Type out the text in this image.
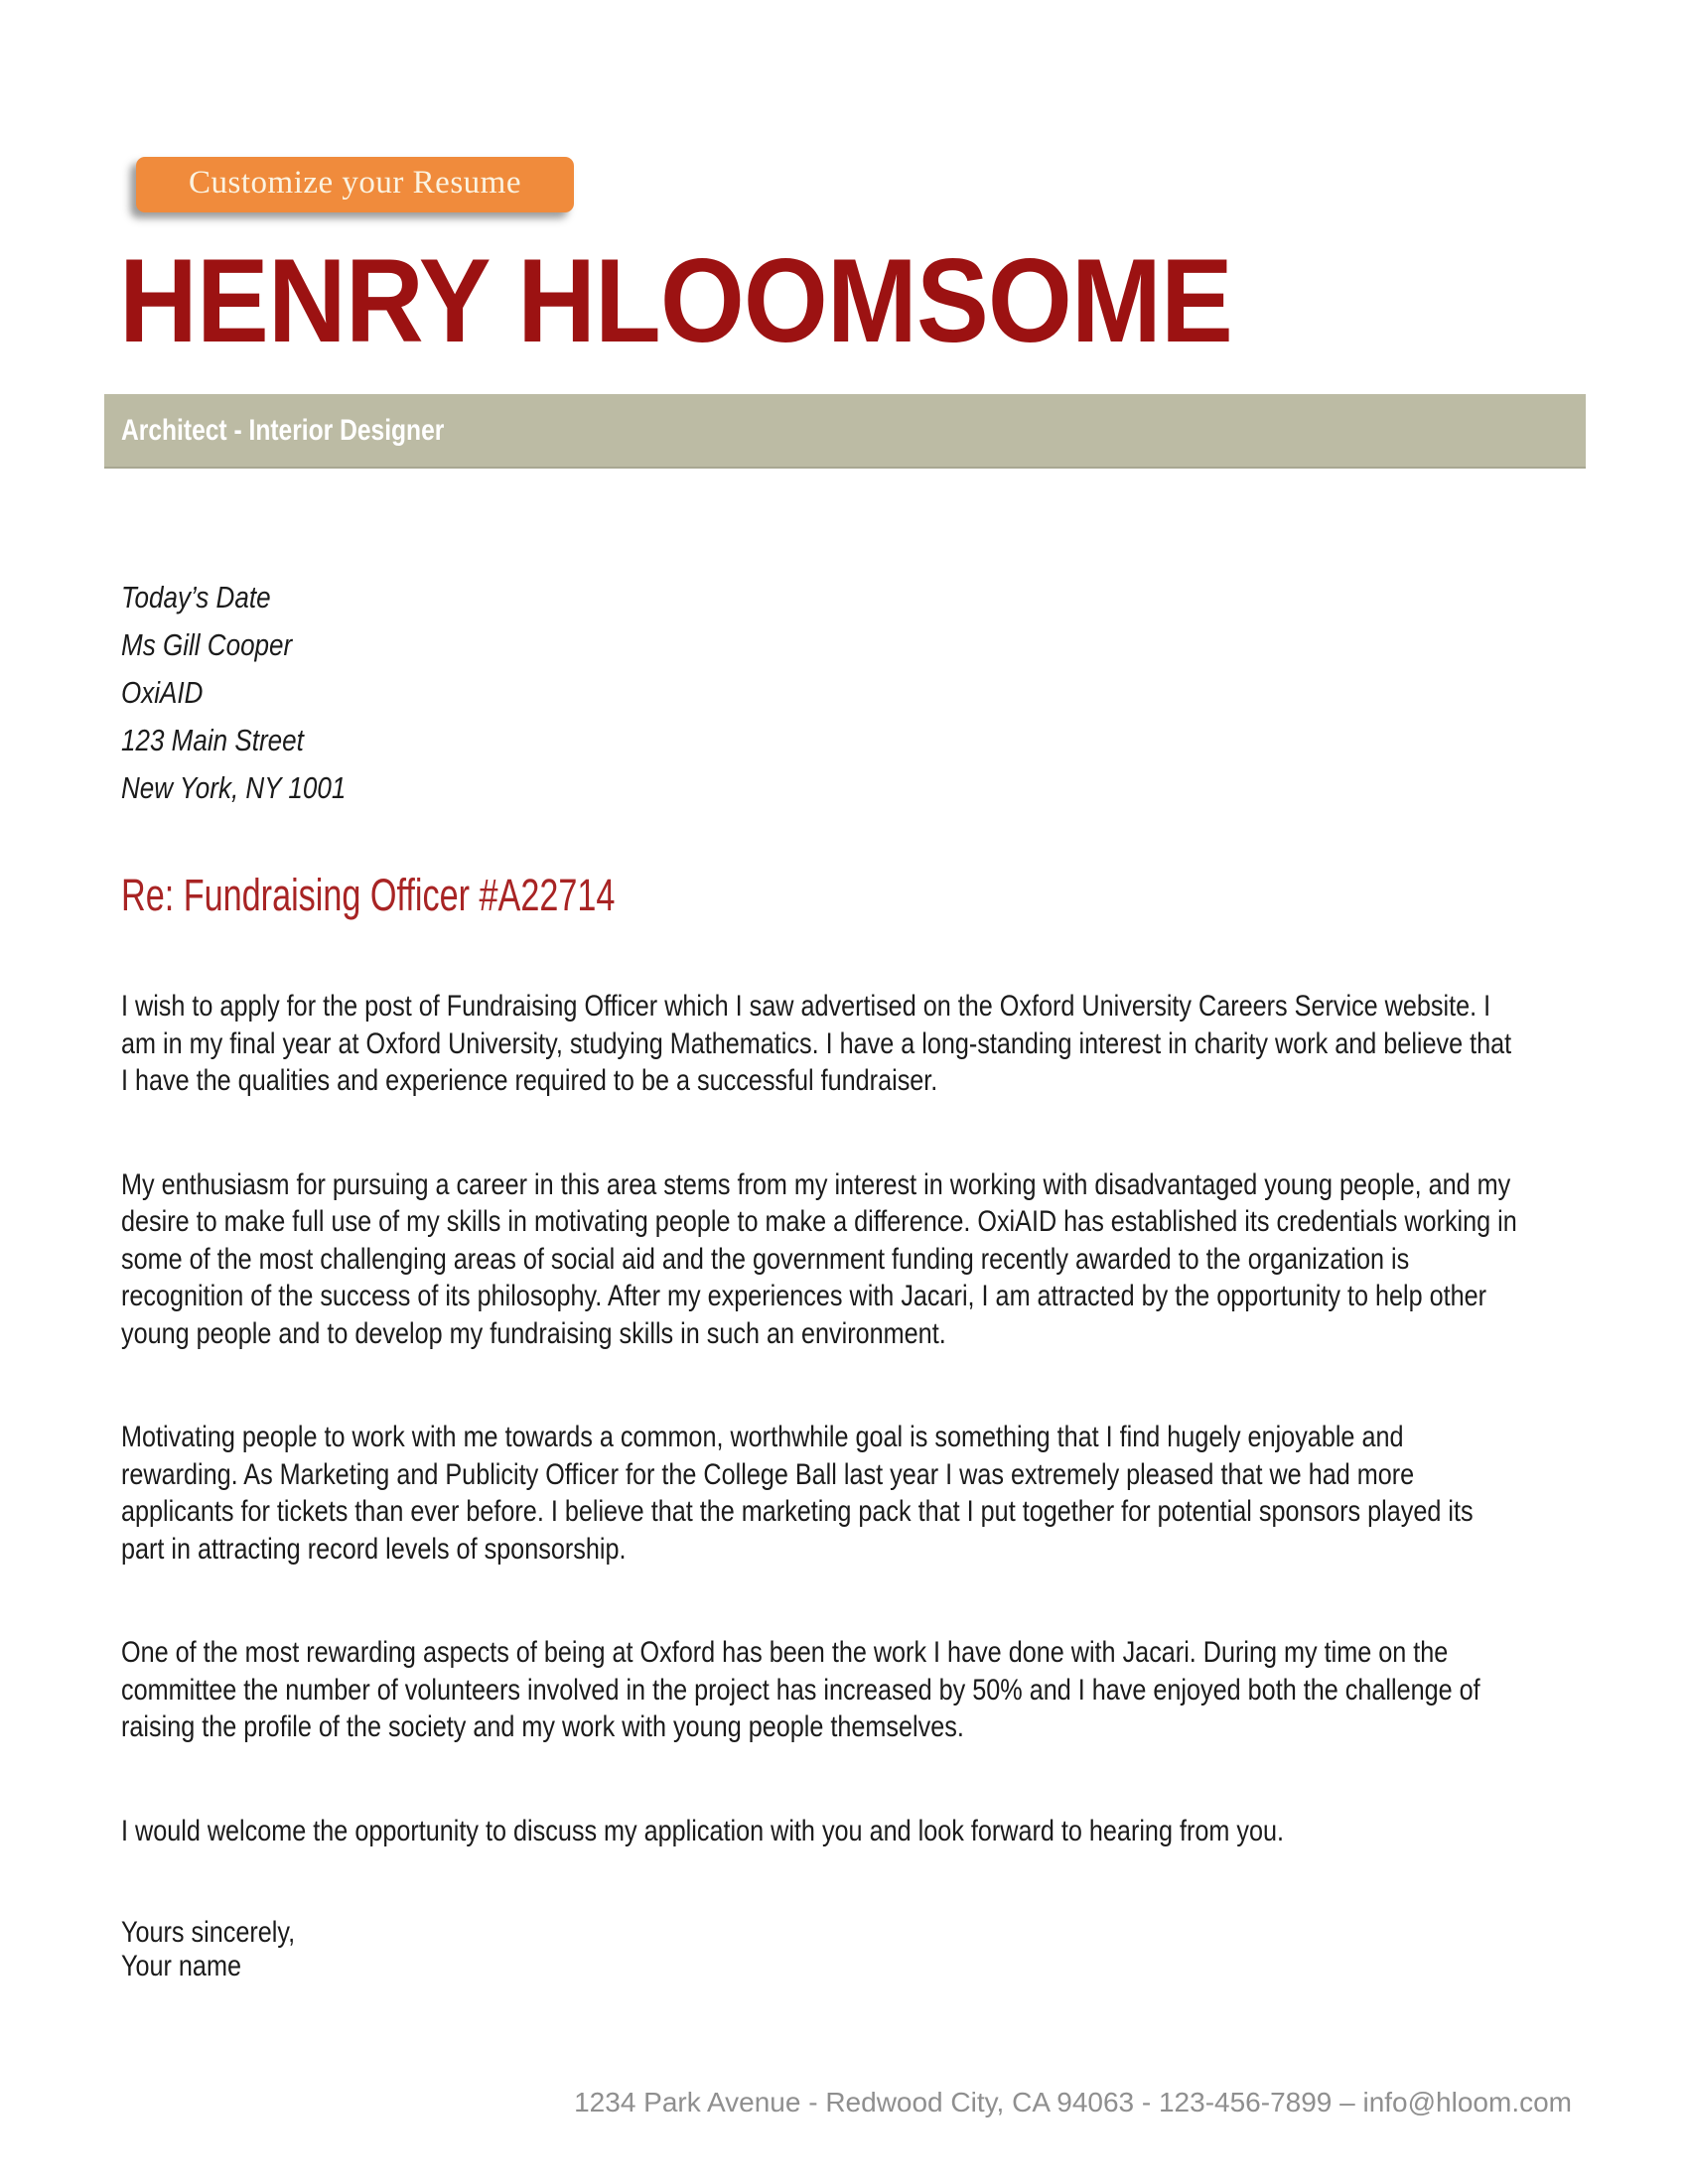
Customize your Resume
HENRY HLOOMSOME
Architect - Interior Designer
Today’s Date
Ms Gill Cooper
OxiAID
123 Main Street
New York, NY 1001
Re: Fundraising Officer #A22714

I wish to apply for the post of Fundraising Officer which I saw advertised on the Oxford University Careers Service website. I am in my final year at Oxford University, studying Mathematics. I have a long-standing interest in charity work and believe that I have the qualities and experience required to be a successful fundraiser.

My enthusiasm for pursuing a career in this area stems from my interest in working with disadvantaged young people, and my desire to make full use of my skills in motivating people to make a difference. OxiAID has established its credentials working in some of the most challenging areas of social aid and the government funding recently awarded to the organization is recognition of the success of its philosophy. After my experiences with Jacari, I am attracted by the opportunity to help other young people and to develop my fundraising skills in such an environment.

Motivating people to work with me towards a common, worthwhile goal is something that I find hugely enjoyable and rewarding. As Marketing and Publicity Officer for the College Ball last year I was extremely pleased that we had more applicants for tickets than ever before. I believe that the marketing pack that I put together for potential sponsors played its part in attracting record levels of sponsorship.

One of the most rewarding aspects of being at Oxford has been the work I have done with Jacari. During my time on the committee the number of volunteers involved in the project has increased by 50% and I have enjoyed both the challenge of raising the profile of the society and my work with young people themselves.

I would welcome the opportunity to discuss my application with you and look forward to hearing from you.

Yours sincerely,
Your name
1234 Park Avenue - Redwood City, CA 94063 - 123-456-7899 – info@hloom.com
